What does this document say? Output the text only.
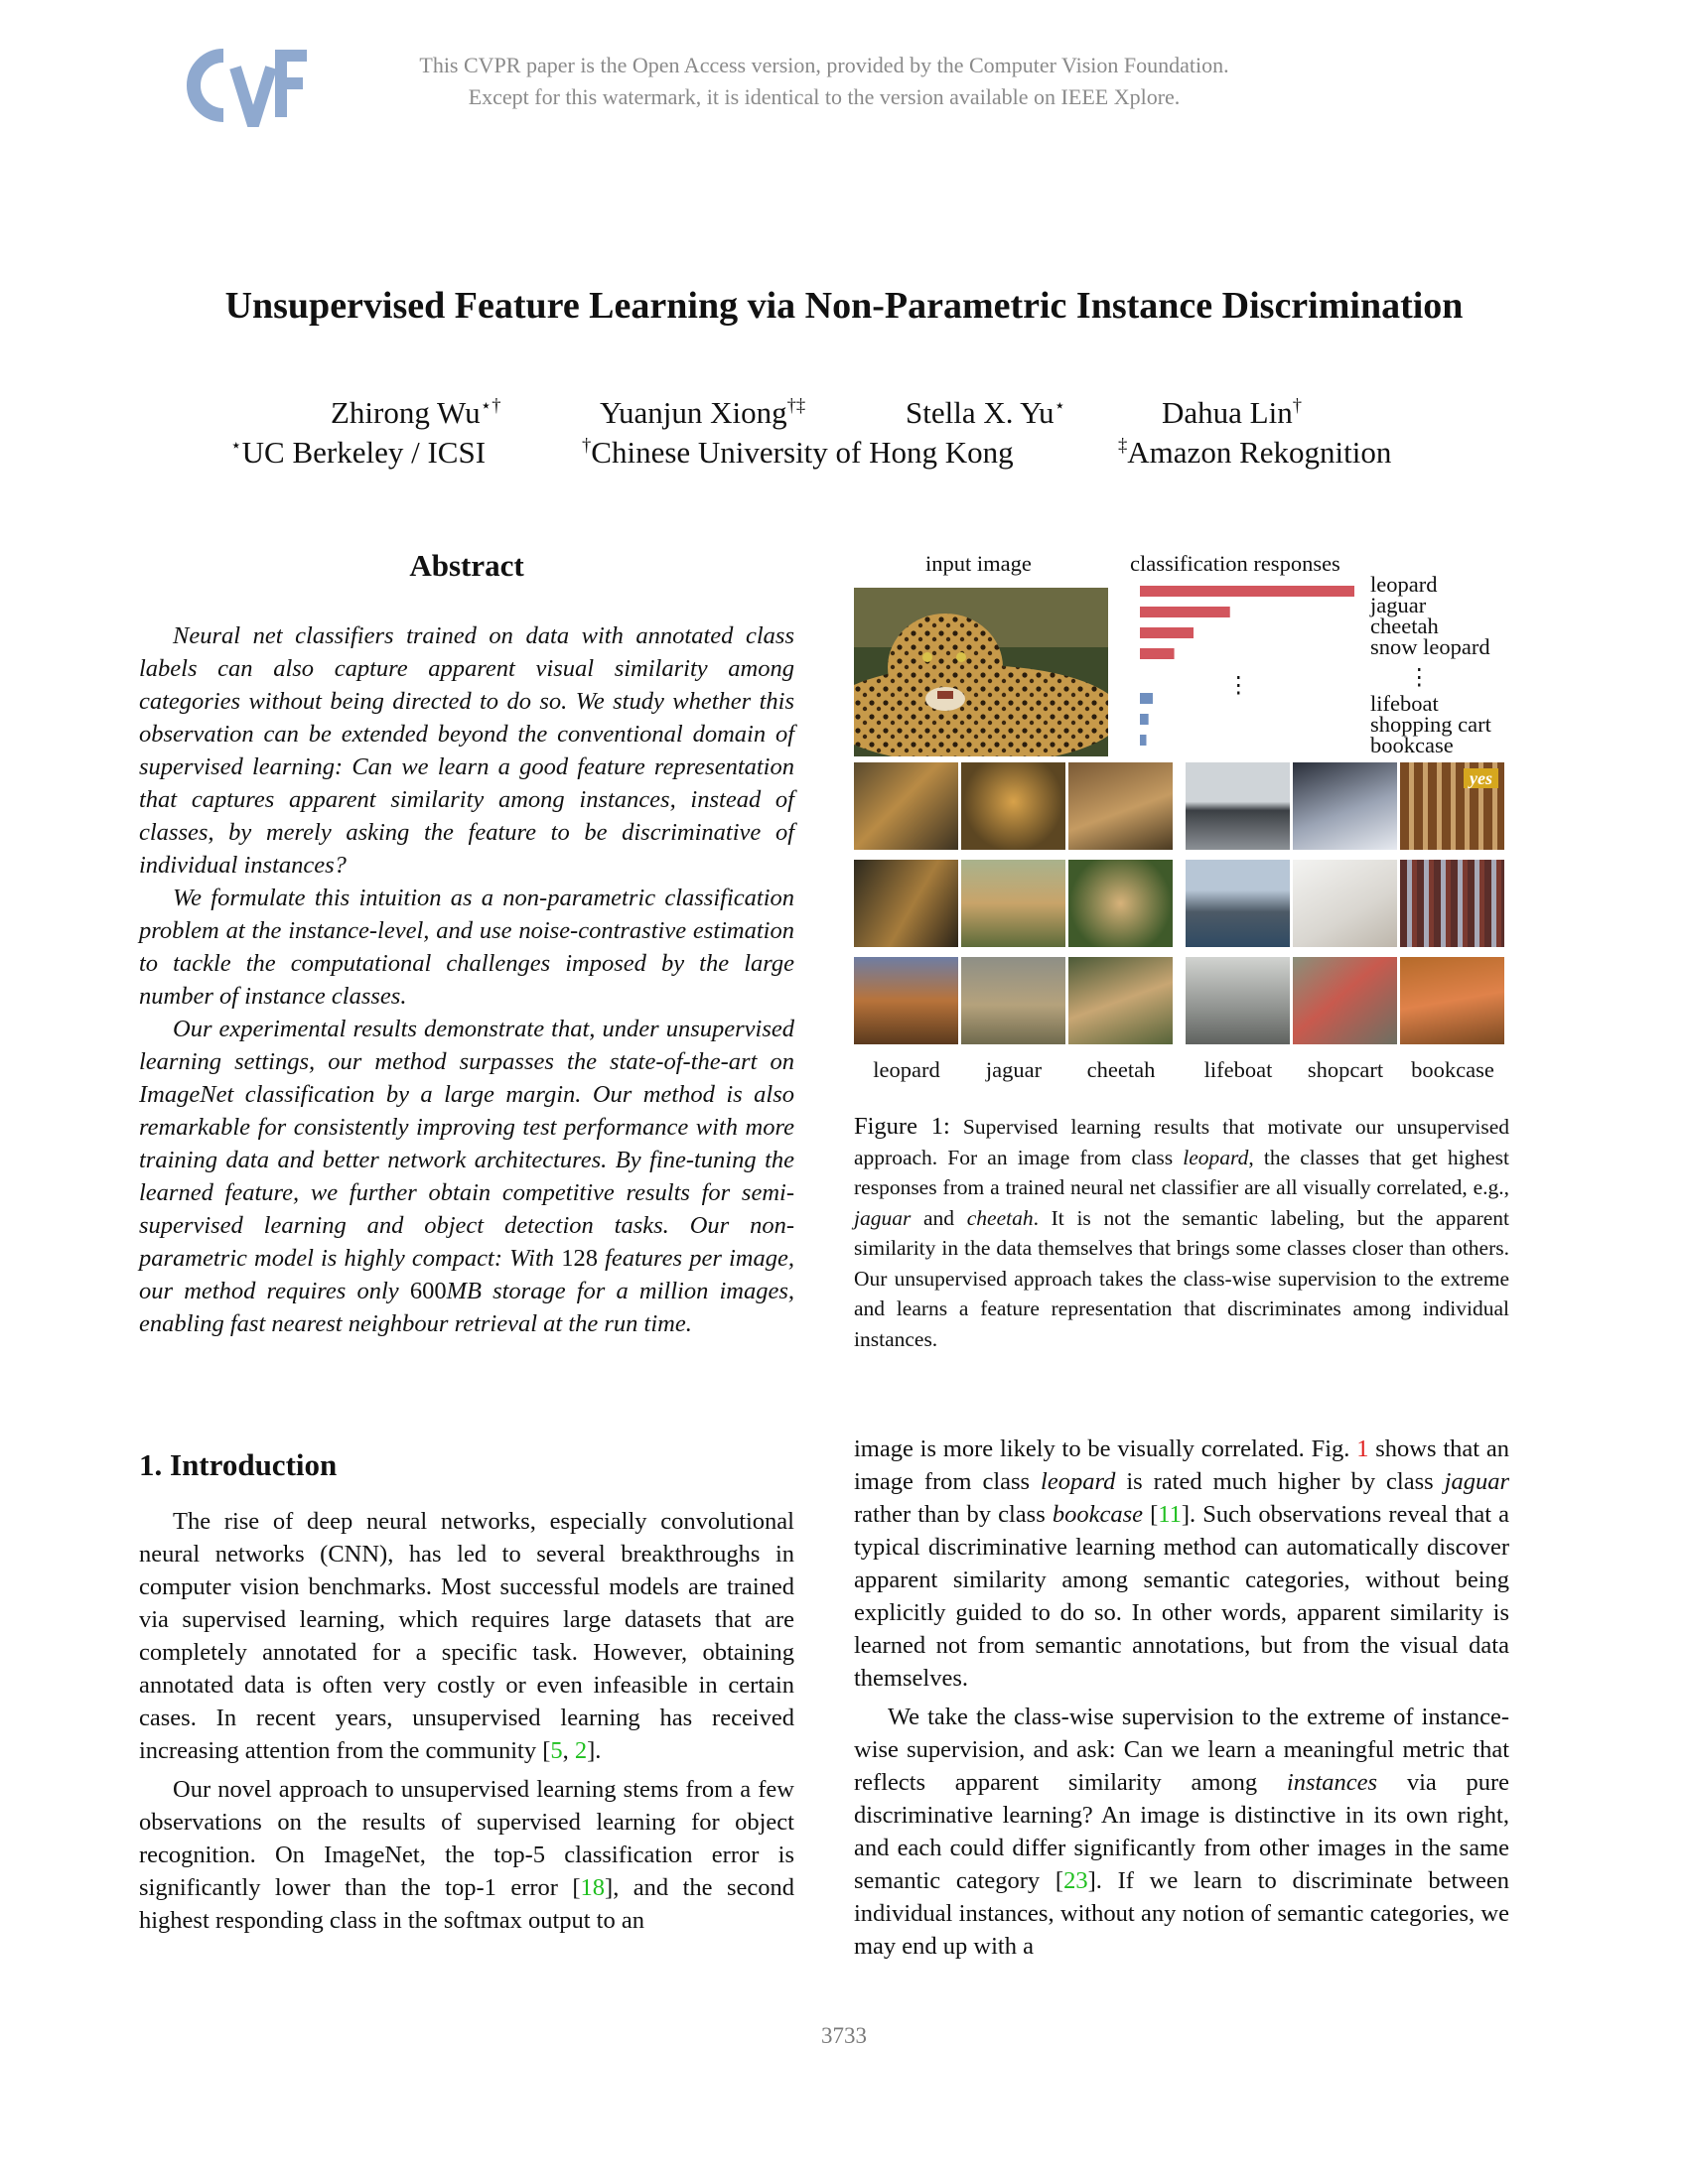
This CVPR paper is the Open Access version, provided by the Computer Vision Foundation.
Except for this watermark, it is identical to the version available on IEEE Xplore.
Unsupervised Feature Learning via Non-Parametric Instance Discrimination
Zhirong Wu⋆†	Yuanjun Xiong†‡	Stella X. Yu⋆	Dahua Lin†
⋆UC Berkeley / ICSI	†Chinese University of Hong Kong	‡Amazon Rekognition
Abstract

Neural net classifiers trained on data with annotated class labels can also capture apparent visual similarity among categories without being directed to do so. We study whether this observation can be extended beyond the conventional domain of supervised learning: Can we learn a good feature representation that captures apparent similarity among instances, instead of classes, by merely asking the feature to be discriminative of individual instances?

We formulate this intuition as a non-parametric classification problem at the instance-level, and use noise-contrastive estimation to tackle the computational challenges imposed by the large number of instance classes.

Our experimental results demonstrate that, under unsupervised learning settings, our method surpasses the state-of-the-art on ImageNet classification by a large margin. Our method is also remarkable for consistently improving test performance with more training data and better network architectures. By fine-tuning the learned feature, we further obtain competitive results for semi-supervised learning and object detection tasks. Our non-parametric model is highly compact: With 128 features per image, our method requires only 600MB storage for a million images, enabling fast nearest neighbour retrieval at the run time.

input image	classification responses
⋮
leopard
jaguar
cheetah
snow leopard
⋮
lifeboat
shopping cart
bookcase
yes
leopard jaguar cheetah lifeboat shopcart bookcase
Figure 1: Supervised learning results that motivate our unsupervised approach. For an image from class leopard, the classes that get highest responses from a trained neural net classifier are all visually correlated, e.g., jaguar and cheetah. It is not the semantic labeling, but the apparent similarity in the data themselves that brings some classes closer than others. Our unsupervised approach takes the class-wise supervision to the extreme and learns a feature representation that discriminates among individual instances.
1. Introduction

The rise of deep neural networks, especially convolutional neural networks (CNN), has led to several breakthroughs in computer vision benchmarks. Most successful models are trained via supervised learning, which requires large datasets that are completely annotated for a specific task. However, obtaining annotated data is often very costly or even infeasible in certain cases. In recent years, unsupervised learning has received increasing attention from the community [5, 2].

Our novel approach to unsupervised learning stems from a few observations on the results of supervised learning for object recognition. On ImageNet, the top-5 classification error is significantly lower than the top-1 error [18], and the second highest responding class in the softmax output to an

image is more likely to be visually correlated. Fig. 1 shows that an image from class leopard is rated much higher by class jaguar rather than by class bookcase [11]. Such observations reveal that a typical discriminative learning method can automatically discover apparent similarity among semantic categories, without being explicitly guided to do so. In other words, apparent similarity is learned not from semantic annotations, but from the visual data themselves.

We take the class-wise supervision to the extreme of instance-wise supervision, and ask: Can we learn a meaningful metric that reflects apparent similarity among instances via pure discriminative learning? An image is distinctive in its own right, and each could differ significantly from other images in the same semantic category [23]. If we learn to discriminate between individual instances, without any notion of semantic categories, we may end up with a

3733
